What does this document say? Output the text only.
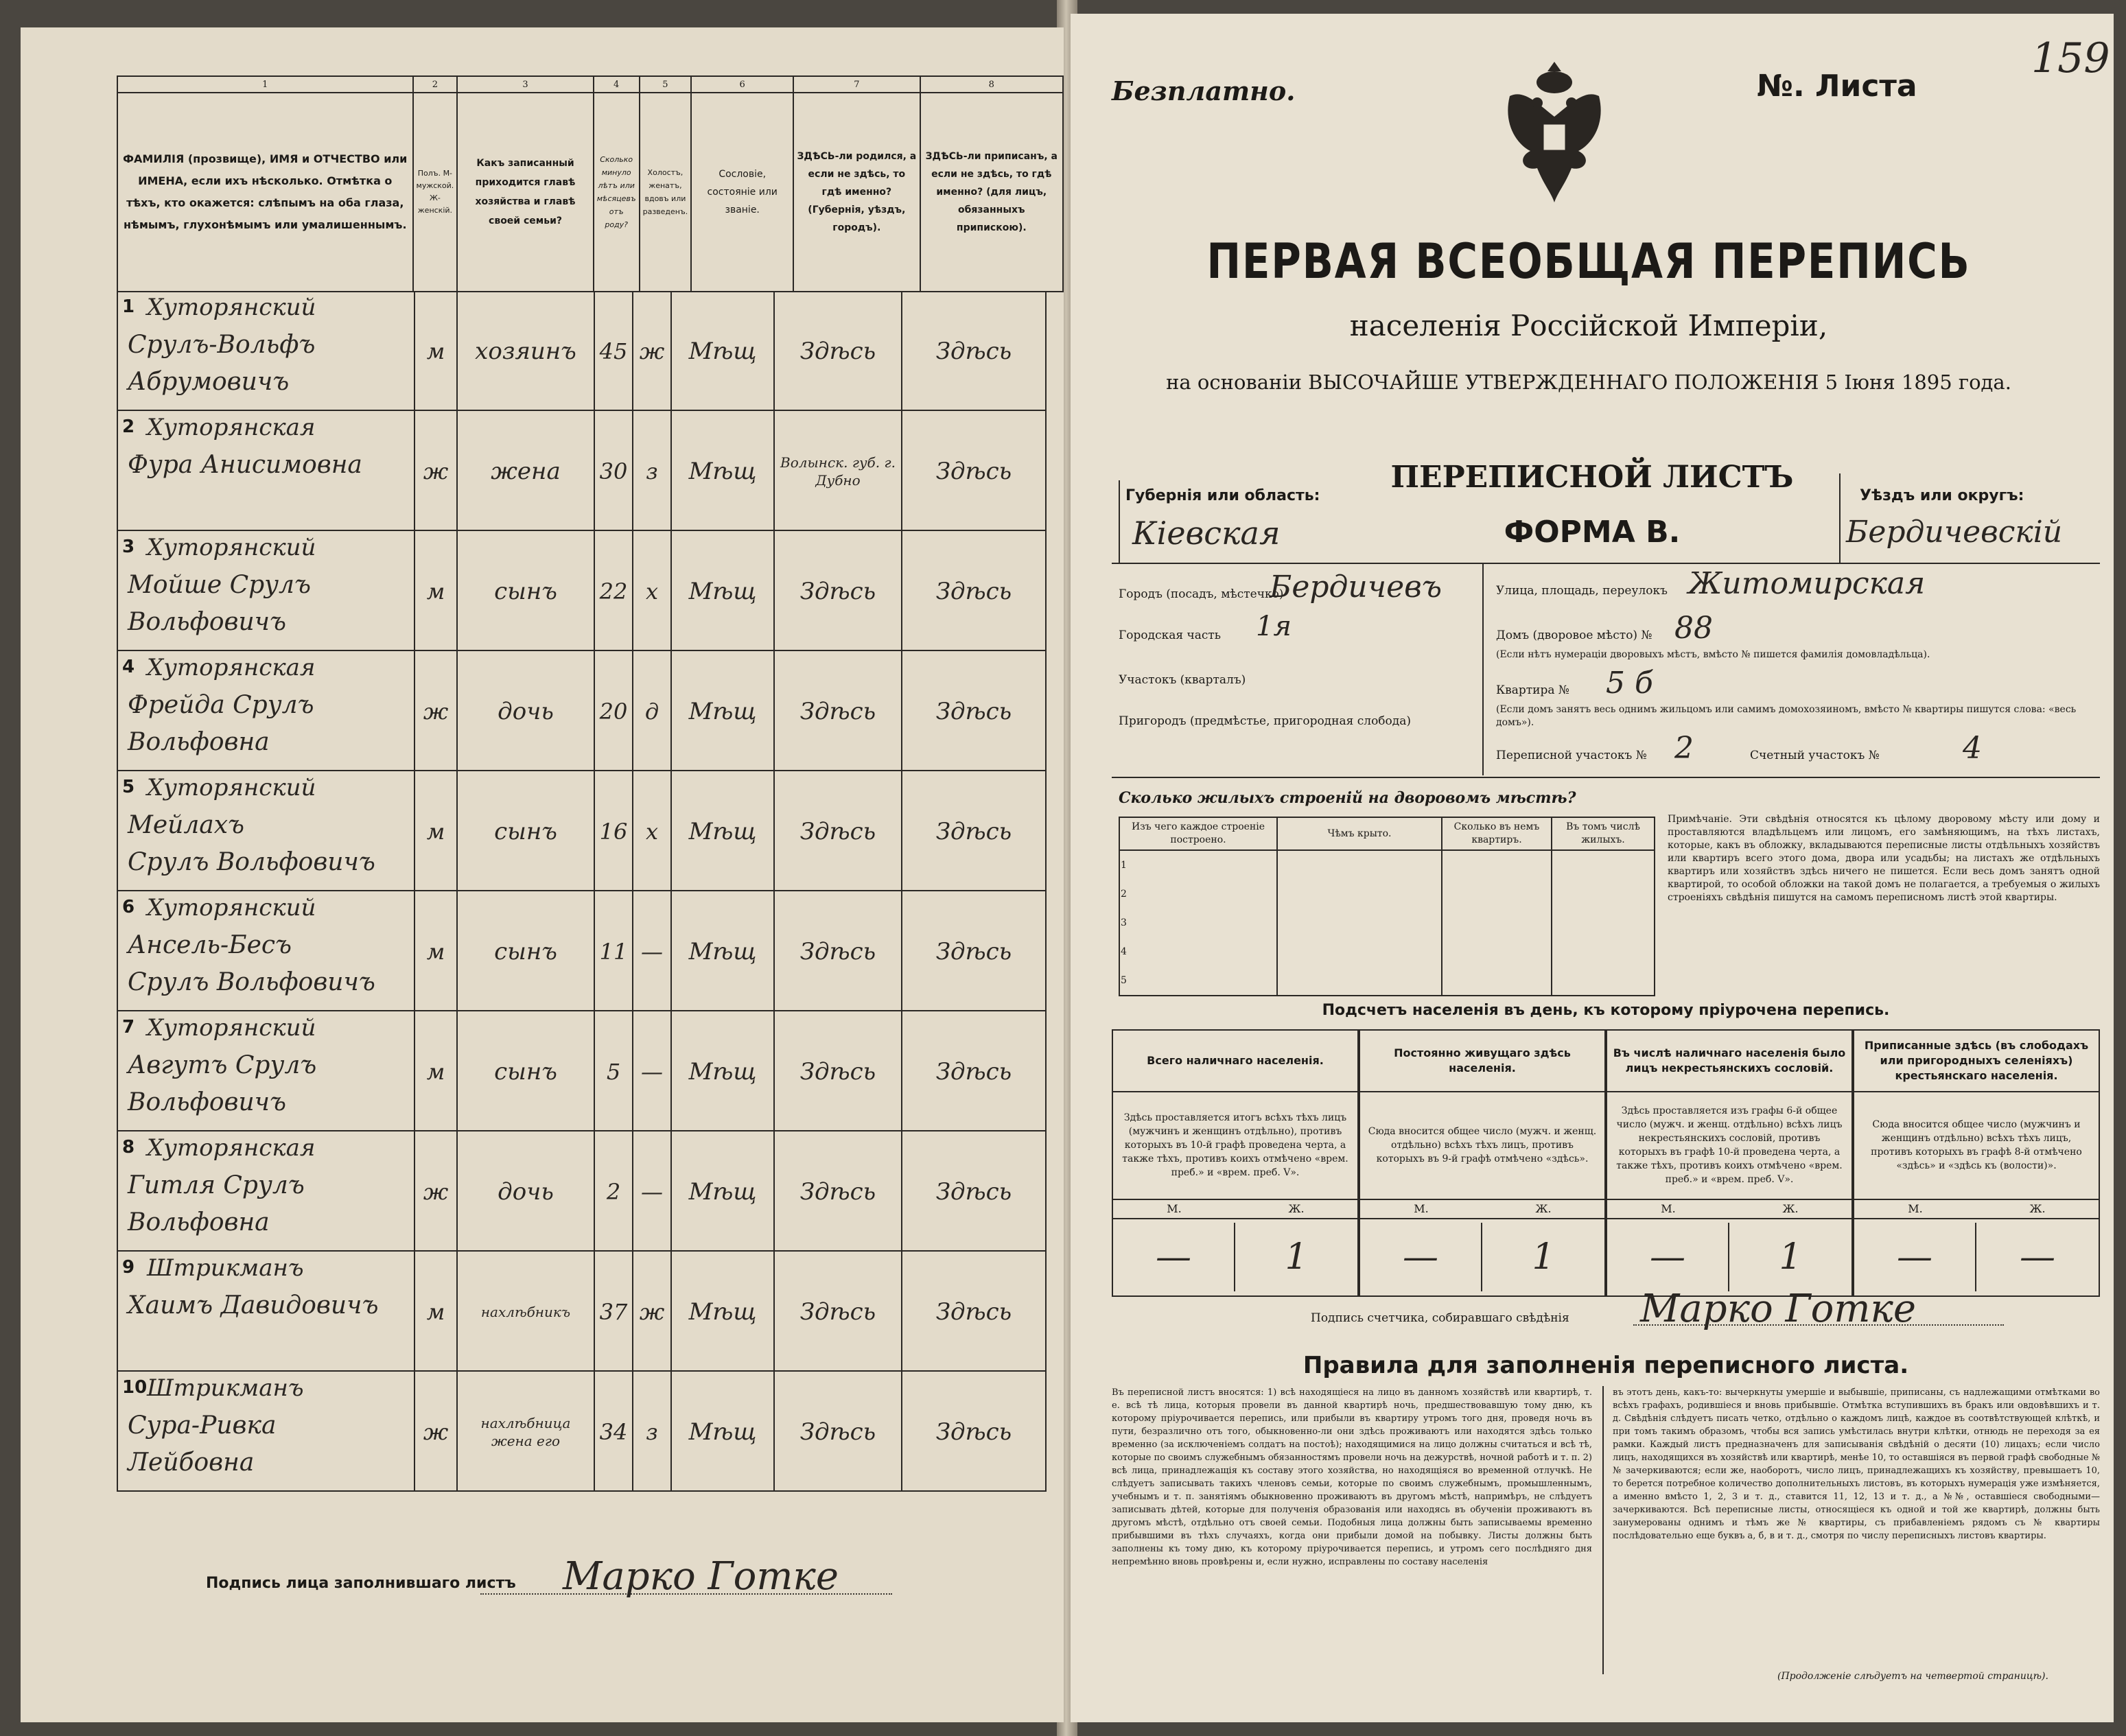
1	2	3	4	5	6	7	8
ФАМИЛІЯ (прозвище), ИМЯ и ОТЧЕСТВО или ИМЕНА, если ихъ нѣсколько. Отмѣтка о тѣхъ, кто окажется: слѣпымъ на оба глаза, нѣмымъ, глухонѣмымъ или умалишеннымъ.	Полъ. М-мужской. Ж-женскій.	Какъ записанный приходится главѣ хозяйства и главѣ своей семьи?	Сколько минуло лѣтъ или мѣсяцевъ отъ роду?	Холостъ, женатъ, вдовъ или разведенъ.	Сословіе, состояніе или званіе.	ЗДѢСЬ-ли родился, а если не здѣсь, то гдѣ именно? (Губернія, уѣздъ, городъ).	ЗДѢСЬ-ли приписанъ, а если не здѣсь, то гдѣ именно? (для лицъ, обязанныхъ припискою).
1 Хуторянский
Срулъ-Вольфъ
Абрумовичъ
м	хозяинъ	45 ж	Мѣщ	Здѣсь	Здѣсь
2 Хуторянская
Фура Анисимовна	ж	жена	30 з	Мѣщ	Волынск. губ. г. Дубно	Здѣсь
3 Хуторянский
Мойше Срулъ
Вольфовичъ
м	сынъ	22 х	Мѣщ	Здѣсь	Здѣсь
4 Хуторянская
Фрейда Срулъ
Вольфовна
ж	дочь	20 д	Мѣщ	Здѣсь	Здѣсь
5 Хуторянский
Мейлахъ
Срулъ Вольфовичъ
м	сынъ	16 х	Мѣщ	Здѣсь	Здѣсь
6 Хуторянский
Ансель-Бесъ
Срулъ Вольфовичъ
м	сынъ	11 —	Мѣщ	Здѣсь	Здѣсь
7 Хуторянский
Авгутъ Срулъ
Вольфовичъ
м	сынъ	5 —	Мѣщ	Здѣсь	Здѣсь
8 Хуторянская
Гитля Срулъ
Вольфовна
ж	дочь	2 —	Мѣщ	Здѣсь	Здѣсь
9 Штрикманъ
Хаимъ Давидовичъ	м	нахлѣбникъ	37 ж	Мѣщ	Здѣсь	Здѣсь
10 Штрикманъ
Сура-Ривка
Лейбовна
ж	нахлѣбница жена его	34 з	Мѣщ	Здѣсь	Здѣсь
Подпись лица заполнившаго листъ Марко Готке
Безплатно.	№. Листа
159
ПЕРВАЯ ВСЕОБЩАЯ ПЕРЕПИСЬ
населенія Россійской Имперіи,
на основаніи ВЫСОЧАЙШЕ УТВЕРЖДЕННАГО ПОЛОЖЕНІЯ 5 Іюня 1895 года.
ПЕРЕПИСНОЙ ЛИСТЪ
ФОРМА В.
Губернія или область:
Кіевская
Уѣздъ или округъ:
Бердичевскій
Городъ (посадъ, мѣстечко)
Бердичевъ
Городская часть 1я
Участокъ (кварталъ)
Пригородъ (предмѣстье, пригородная слобода)
Улица, площадь, переулокъ Житомирская
Домъ (дворовое мѣсто) № 88
(Если нѣтъ нумераціи дворовыхъ мѣстъ, вмѣсто № пишется фамилія домовладѣльца).
Квартира № 5 б
(Если домъ занятъ весь однимъ жильцомъ или самимъ домохозяиномъ, вмѣсто № квартиры пишутся слова: «весь домъ»).
Переписной участокъ № 2	Счетный участокъ №	4
Сколько жилыхъ строеній на дворовомъ мѣстѣ?
Изъ чего каждое строеніе построено.	Чѣмъ крыто.	Сколько въ немъ квартиръ.	Въ томъ числѣ жилыхъ.
1			
2			
3			
4			
5			
Примѣчаніе. Эти свѣдѣнія относятся къ цѣлому дворовому мѣсту или дому и проставляются владѣльцемъ или лицомъ, его замѣняющимъ, на тѣхъ листахъ, которые, какъ въ обложку, вкладываются переписные листы отдѣльныхъ хозяйствъ или квартиръ всего этого дома, двора или усадьбы; на листахъ же отдѣльныхъ квартиръ или хозяйствъ здѣсь ничего не пишется. Если весь домъ занятъ одной квартирой, то особой обложки на такой домъ не полагается, а требуемыя о жилыхъ строеніяхъ свѣдѣнія пишутся на самомъ переписномъ листѣ этой квартиры.
Подсчетъ населенія въ день, къ которому пріурочена перепись.
Всего наличнаго населенія.
Здѣсь проставляется итогъ всѣхъ тѣхъ лицъ (мужчинъ и женщинъ отдѣльно), противъ которыхъ въ 10-й графѣ проведена черта, а также тѣхъ, противъ коихъ отмѣчено «врем. преб.» и «врем. преб. V».
М.	Ж.
—	1
Постоянно живущаго здѣсь населенія.
Сюда вносится общее число (мужч. и женщ. отдѣльно) всѣхъ тѣхъ лицъ, противъ которыхъ въ 9-й графѣ отмѣчено «здѣсь».
М.	Ж.
—	1
Въ числѣ наличнаго населенія было лицъ некрестьянскихъ сословій.
Здѣсь проставляется изъ графы 6-й общее число (мужч. и женщ. отдѣльно) всѣхъ лицъ некрестьянскихъ сословій, противъ которыхъ въ графѣ 10-й проведена черта, а также тѣхъ, противъ коихъ отмѣчено «врем. преб.» и «врем. преб. V».
М.	Ж.
—	1
Приписанные здѣсь (въ слободахъ или пригородныхъ селеніяхъ) крестьянскаго населенія.
Сюда вносится общее число (мужчинъ и женщинъ отдѣльно) всѣхъ тѣхъ лицъ, противъ которыхъ въ графѣ 8-й отмѣчено «здѣсь» и «здѣсь къ (волости)».
М.	Ж.
—	—
Подпись счетчика, собиравшаго свѣдѣнія Марко Готке
Правила для заполненія переписного листа.
Въ переписной листъ вносятся: 1) всѣ находящіеся на лицо въ данномъ хозяйствѣ или квартирѣ, т. е. всѣ тѣ лица, которыя провели въ данной квартирѣ ночь, предшествовавшую тому дню, къ которому пріурочивается перепись, или прибыли въ квартиру утромъ того дня, проведя ночь въ пути, безразлично отъ того, обыкновенно-ли они здѣсь проживаютъ или находятся здѣсь только временно (за исключеніемъ солдатъ на постоѣ); находящимися на лицо должны считаться и всѣ тѣ, которые по своимъ служебнымъ обязанностямъ провели ночь на дежурствѣ, ночной работѣ и т. п. 2) всѣ лица, принадлежащія къ составу этого хозяйства, но находящіяся во временной отлучкѣ. Не слѣдуетъ записывать такихъ членовъ семьи, которые по своимъ служебнымъ, промышленнымъ, учебнымъ и т. п. занятіямъ обыкновенно проживаютъ въ другомъ мѣстѣ, напримѣръ, не слѣдуетъ записывать дѣтей, которые для полученія образованія или находясь въ обученіи проживаютъ въ другомъ мѣстѣ, отдѣльно отъ своей семьи. Подобныя лица должны быть записываемы временно прибывшими въ тѣхъ случаяхъ, когда они прибыли домой на побывку. Листы должны быть заполнены къ тому дню, къ которому пріурочивается перепись, и утромъ сего послѣдняго дня непремѣнно вновь провѣрены и, если нужно, исправлены по составу населенія
въ этотъ день, какъ-то: вычеркнуты умершіе и выбывшіе, приписаны, съ надлежащими отмѣтками во всѣхъ графахъ, родившіеся и вновь прибывшіе. Отмѣтка вступившихъ въ бракъ или овдовѣвшихъ и т. д. Свѣдѣнія слѣдуетъ писать четко, отдѣльно о каждомъ лицѣ, каждое въ соотвѣтствующей клѣткѣ, и при томъ такимъ образомъ, чтобы вся запись умѣстилась внутри клѣтки, отнюдь не переходя за ея рамки. Каждый листъ предназначенъ для записыванія свѣдѣній о десяти (10) лицахъ; если число лицъ, находящихся въ хозяйствѣ или квартирѣ, менѣе 10, то оставшіяся въ первой графѣ свободные №№ зачеркиваются; если же, наоборотъ, число лицъ, принадлежащихъ къ хозяйству, превышаетъ 10, то берется потребное количество дополнительныхъ листовъ, въ которыхъ нумерація уже измѣняется, а именно вмѣсто 1, 2, 3 и т. д., ставится 11, 12, 13 и т. д., а №№, оставшіеся свободными—зачеркиваются. Всѣ переписные листы, относящіеся къ одной и той же квартирѣ, должны быть занумерованы однимъ и тѣмъ же № квартиры, съ прибавленіемъ рядомъ съ № квартиры послѣдовательно еще буквъ а, б, в и т. д., смотря по числу переписныхъ листовъ квартиры.
(Продолженіе слѣдуетъ на четвертой страницѣ).
